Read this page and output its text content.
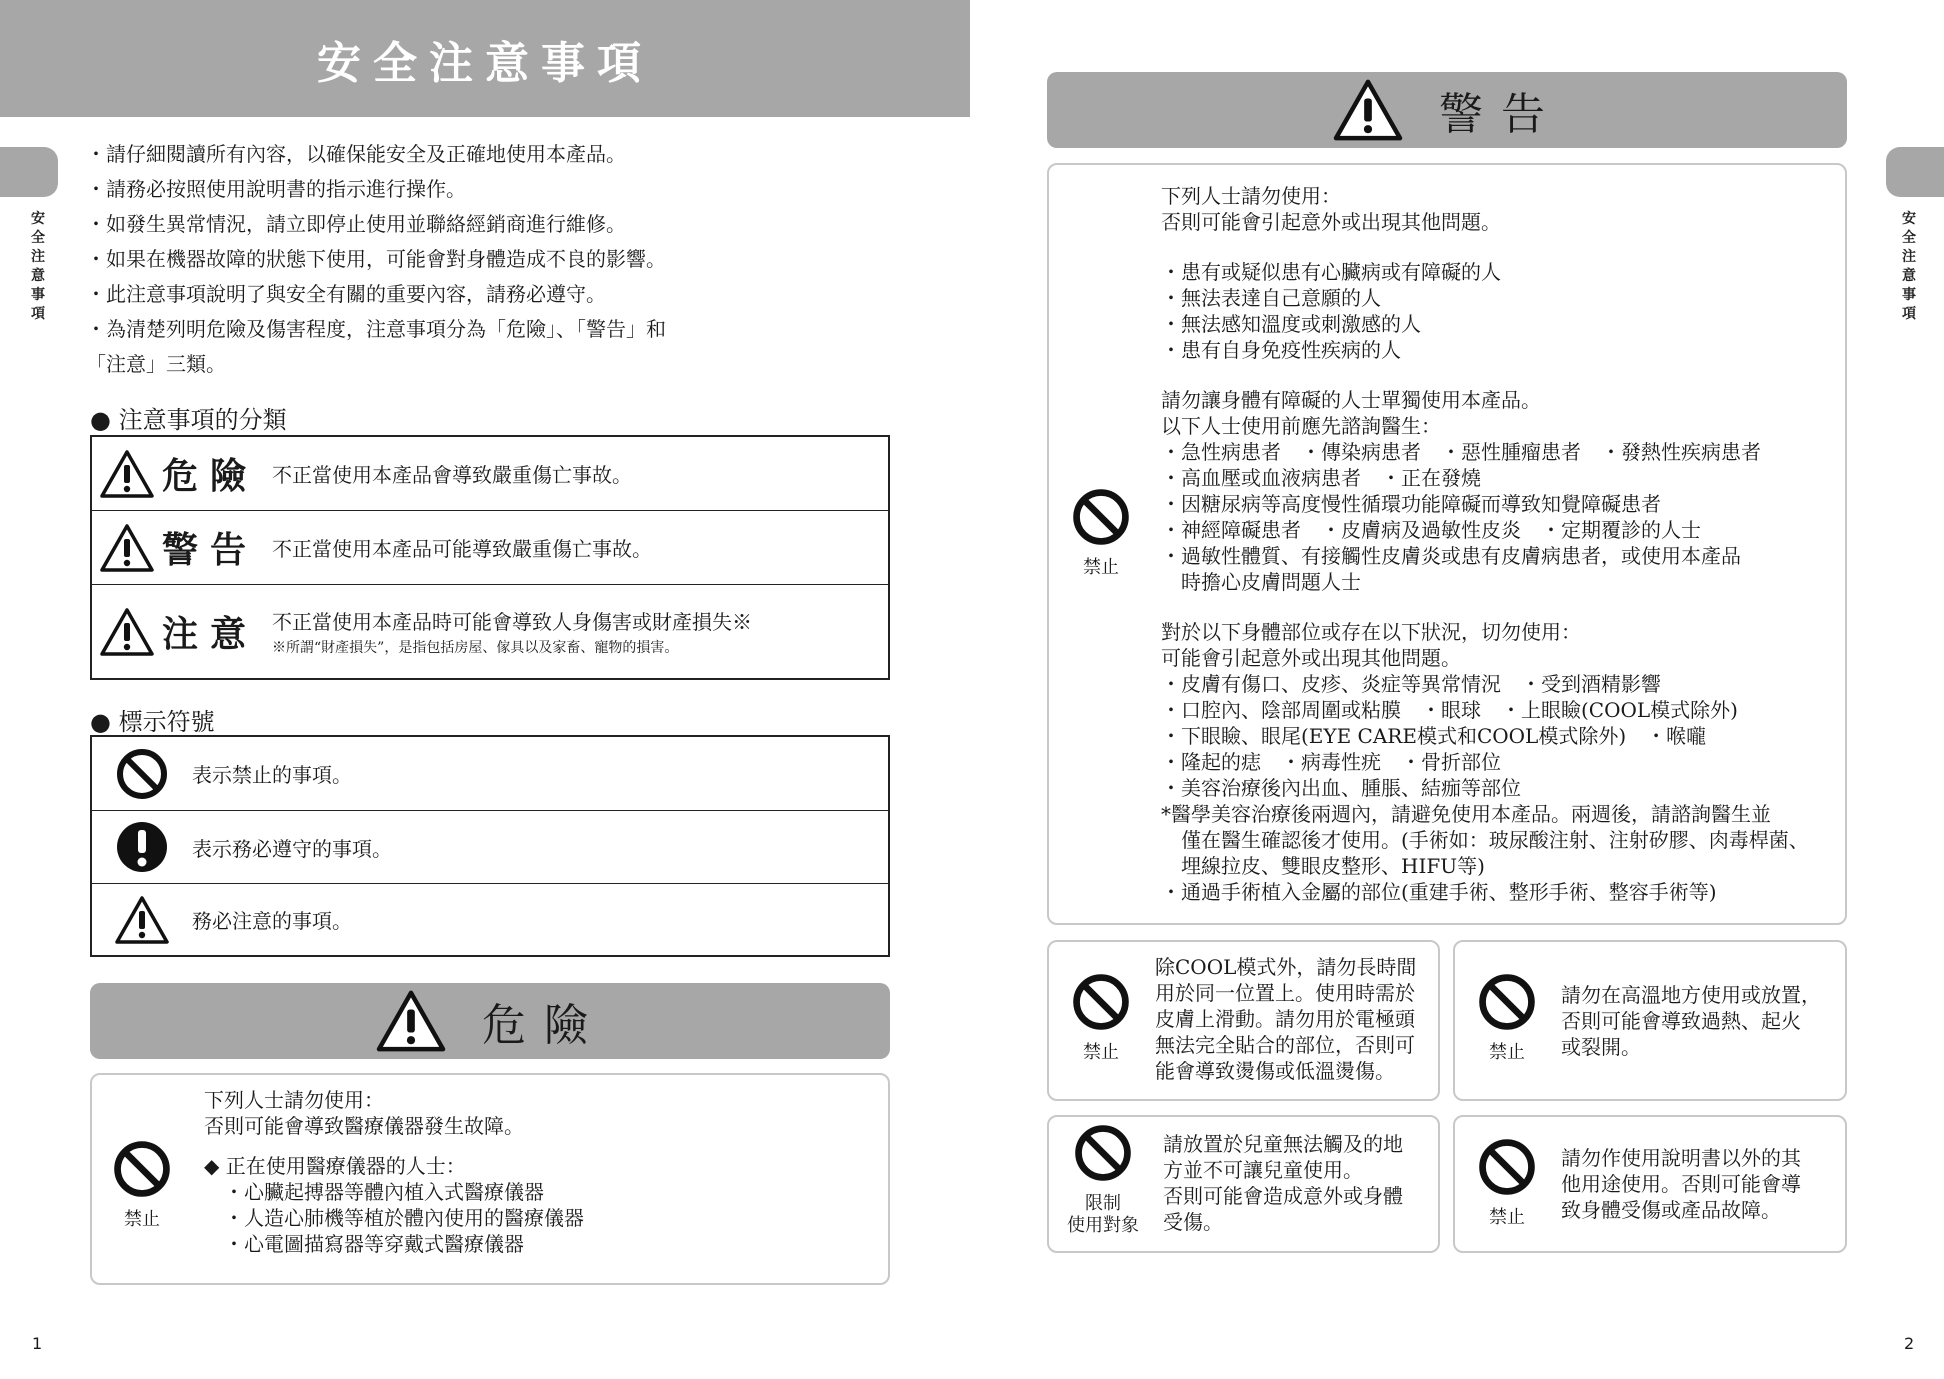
安全注意事項
安全注意事項
・請仔細閱讀所有內容，以確保能安全及正確地使用本產品。
・請務必按照使用說明書的指示進行操作。
・如發生異常情況，請立即停止使用並聯絡經銷商進行維修。
・如果在機器故障的狀態下使用，可能會對身體造成不良的影響。
・此注意事項說明了與安全有關的重要內容，請務必遵守。
・為清楚列明危險及傷害程度，注意事項分為「危險」、「警告」和
「注意」三類。
● 注意事項的分類
危險 不正當使用本產品會導致嚴重傷亡事故。
警告 不正當使用本產品可能導致嚴重傷亡事故。
注意 不正當使用本產品時可能會導致人身傷害或財產損失※
※所謂“財產損失”，是指包括房屋、傢具以及家畜、寵物的損害。
● 標示符號
表示禁止的事項。
表示務必遵守的事項。
務必注意的事項。
危險
禁止
下列人士請勿使用：
否則可能會導致醫療儀器發生故障。
◆ 正在使用醫療儀器的人士：
　・心臟起搏器等體內植入式醫療儀器
　・人造心肺機等植於體內使用的醫療儀器
　・心電圖描寫器等穿戴式醫療儀器
1
警告
安全注意事項
禁止
下列人士請勿使用：
否則可能會引起意外或出現其他問題。
・患有或疑似患有心臟病或有障礙的人
・無法表達自己意願的人
・無法感知溫度或刺激感的人
・患有自身免疫性疾病的人
請勿讓身體有障礙的人士單獨使用本產品。
以下人士使用前應先諮詢醫生：
・急性病患者　・傳染病患者　・惡性腫瘤患者　・發熱性疾病患者
・高血壓或血液病患者　・正在發燒
・因糖尿病等高度慢性循環功能障礙而導致知覺障礙患者
・神經障礙患者　・皮膚病及過敏性皮炎　・定期覆診的人士
・過敏性體質、有接觸性皮膚炎或患有皮膚病患者，或使用本產品
　時擔心皮膚問題人士
對於以下身體部位或存在以下狀況，切勿使用：
可能會引起意外或出現其他問題。
・皮膚有傷口、皮疹、炎症等異常情況　・受到酒精影響
・口腔內、陰部周圍或粘膜　・眼球　・上眼瞼(COOL模式除外)
・下眼瞼、眼尾(EYE CARE模式和COOL模式除外)　・喉嚨
・隆起的痣　・病毒性疣　・骨折部位
・美容治療後內出血、腫脹、結痂等部位
*醫學美容治療後兩週內，請避免使用本產品。兩週後，請諮詢醫生並
　僅在醫生確認後才使用。(手術如：玻尿酸注射、注射矽膠、肉毒桿菌、
　埋線拉皮、雙眼皮整形、HIFU等)
・通過手術植入金屬的部位(重建手術、整形手術、整容手術等)
禁止
除COOL模式外，請勿長時間
用於同一位置上。使用時需於
皮膚上滑動。請勿用於電極頭
無法完全貼合的部位，否則可
能會導致燙傷或低溫燙傷。
禁止
請勿在高溫地方使用或放置，
否則可能會導致過熱、起火
或裂開。
限制
使用對象
請放置於兒童無法觸及的地
方並不可讓兒童使用。
否則可能會造成意外或身體
受傷。	禁止
請勿作使用說明書以外的其
他用途使用。否則可能會導
致身體受傷或產品故障。
2
